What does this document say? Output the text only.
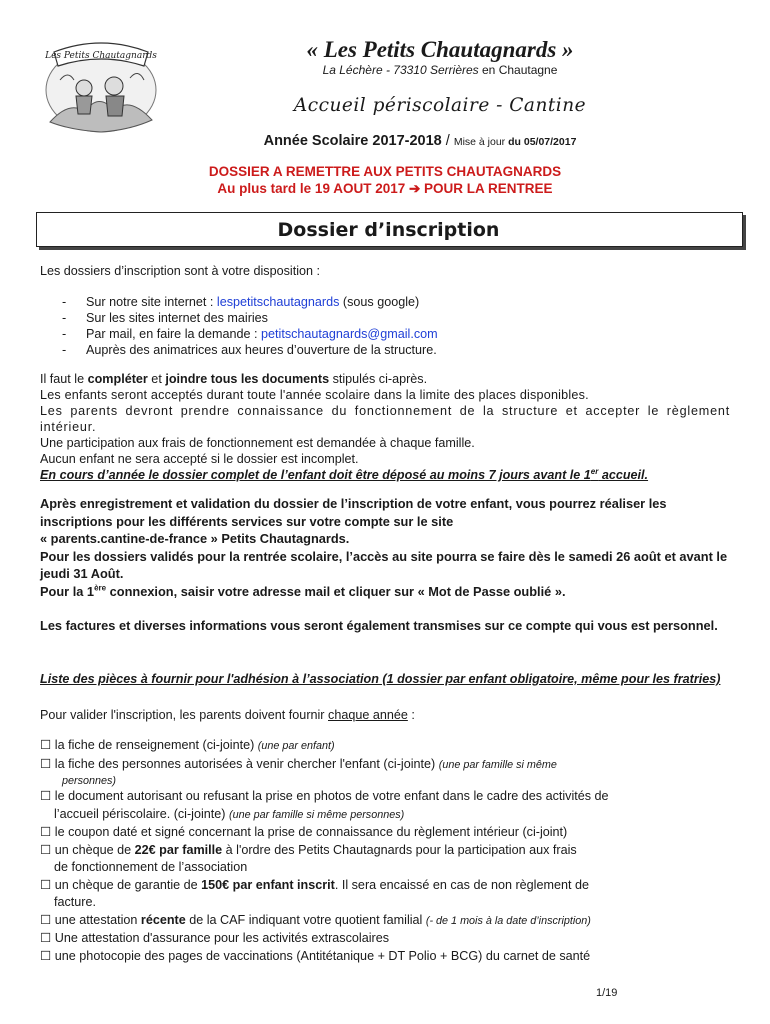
Les Petits Chautagnards	« Les Petits Chautagnards »
La Léchère - 73310 Serrières en Chautagne
Accueil périscolaire - Cantine
Année Scolaire 2017-2018 / Mise à jour du 05/07/2017
DOSSIER A REMETTRE AUX PETITS CHAUTAGNARDS
Au plus tard le 19 AOUT 2017 ➔ POUR LA RENTREE
Dossier d’inscription
Les dossiers d’inscription sont à votre disposition :
- Sur notre site internet : lespetitschautagnards (sous google)
- Sur les sites internet des mairies
- Par mail, en faire la demande : petitschautagnards@gmail.com
- Auprès des animatrices aux heures d’ouverture de la structure.
Il faut le compléter et joindre tous les documents stipulés ci-après.
Les enfants seront acceptés durant toute l'année scolaire dans la limite des places disponibles.
Les parents devront prendre connaissance du fonctionnement de la structure et accepter le règlement intérieur.
Une participation aux frais de fonctionnement est demandée à chaque famille.
Aucun enfant ne sera accepté si le dossier est incomplet.
En cours d’année le dossier complet de l’enfant doit être déposé au moins 7 jours avant le 1er accueil.
Après enregistrement et validation du dossier de l’inscription de votre enfant, vous pourrez réaliser les inscriptions pour les différents services sur votre compte sur le site
« parents.cantine-de-france » Petits Chautagnards.
Pour les dossiers validés pour la rentrée scolaire, l’accès au site pourra se faire dès le samedi 26 août et avant le jeudi 31 Août.
Pour la 1ère connexion, saisir votre adresse mail et cliquer sur « Mot de Passe oublié ».
Les factures et diverses informations vous seront également transmises sur ce compte qui vous est personnel.
Liste des pièces à fournir pour l'adhésion à l’association (1 dossier par enfant obligatoire, même pour les fratries)
Pour valider l'inscription, les parents doivent fournir chaque année :
☐ la fiche de renseignement (ci-jointe) (une par enfant)
☐ la fiche des personnes autorisées à venir chercher l'enfant (ci-jointe) (une par famille si même
personnes)
☐ le document autorisant ou refusant la prise en photos de votre enfant dans le cadre des activités de
l’accueil périscolaire. (ci-jointe) (une par famille si même personnes)
☐ le coupon daté et signé concernant la prise de connaissance du règlement intérieur (ci-joint)
☐ un chèque de 22€ par famille à l'ordre des Petits Chautagnards pour la participation aux frais
de fonctionnement de l’association
☐ un chèque de garantie de 150€ par enfant inscrit. Il sera encaissé en cas de non règlement de
facture.
☐ une attestation récente de la CAF indiquant votre quotient familial (- de 1 mois à la date d’inscription)
☐ Une attestation d'assurance pour les activités extrascolaires
☐ une photocopie des pages de vaccinations (Antitétanique + DT Polio + BCG) du carnet de santé
1/19
